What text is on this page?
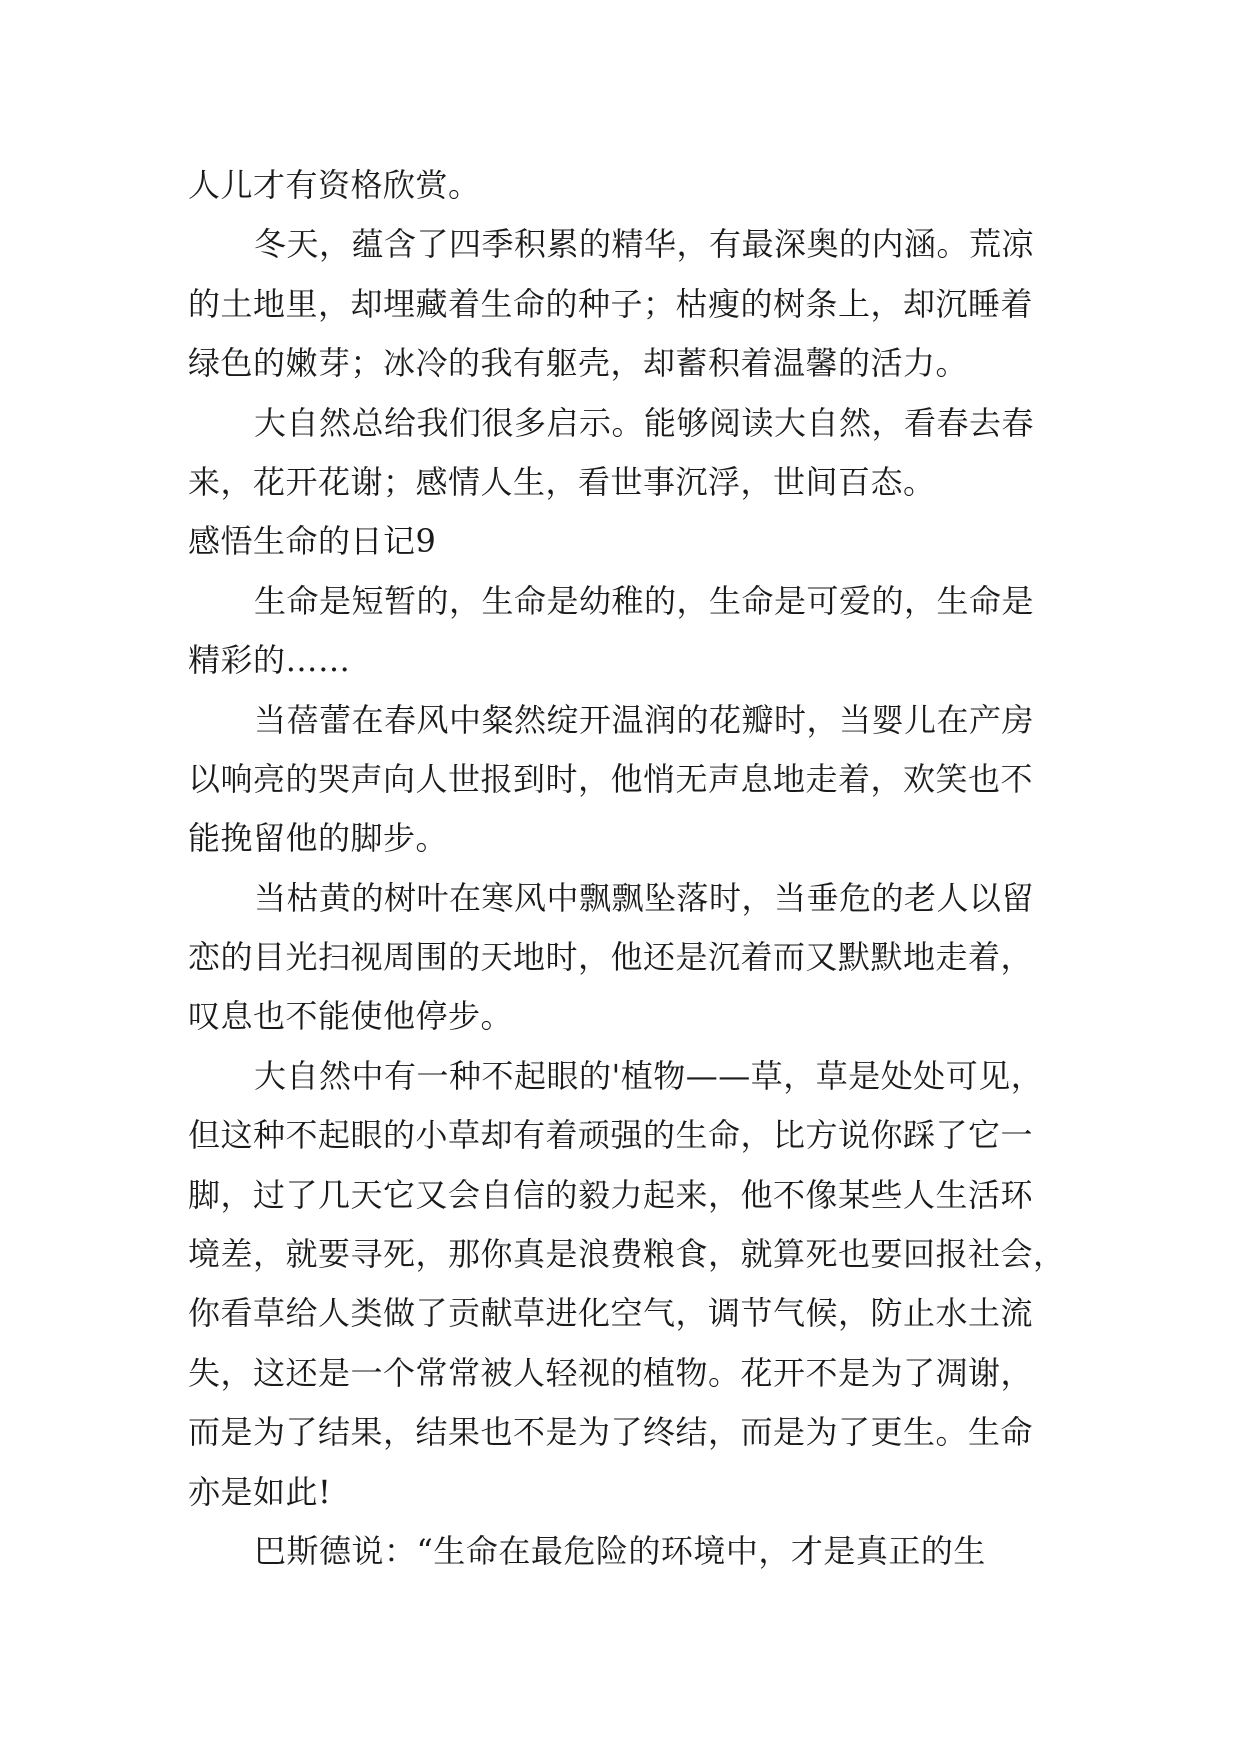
人儿才有资格欣赏。
冬天，蕴含了四季积累的精华，有最深奥的内涵。荒凉
的土地里，却埋藏着生命的种子；枯瘦的树条上，却沉睡着
绿色的嫩芽；冰冷的我有躯壳，却蓄积着温馨的活力。
大自然总给我们很多启示。能够阅读大自然，看春去春
来，花开花谢；感情人生，看世事沉浮，世间百态。
感悟生命的日记9
生命是短暂的，生命是幼稚的，生命是可爱的，生命是
精彩的……
当蓓蕾在春风中粲然绽开温润的花瓣时，当婴儿在产房
以响亮的哭声向人世报到时，他悄无声息地走着，欢笑也不
能挽留他的脚步。
当枯黄的树叶在寒风中飘飘坠落时，当垂危的老人以留
恋的目光扫视周围的天地时，他还是沉着而又默默地走着，
叹息也不能使他停步。
大自然中有一种不起眼的'植物——草，草是处处可见，
但这种不起眼的小草却有着顽强的生命，比方说你踩了它一
脚，过了几天它又会自信的毅力起来，他不像某些人生活环
境差，就要寻死，那你真是浪费粮食，就算死也要回报社会，
你看草给人类做了贡献草进化空气，调节气候，防止水土流
失，这还是一个常常被人轻视的植物。花开不是为了凋谢，
而是为了结果，结果也不是为了终结，而是为了更生。生命
亦是如此!
巴斯德说：“生命在最危险的环境中，才是真正的生
